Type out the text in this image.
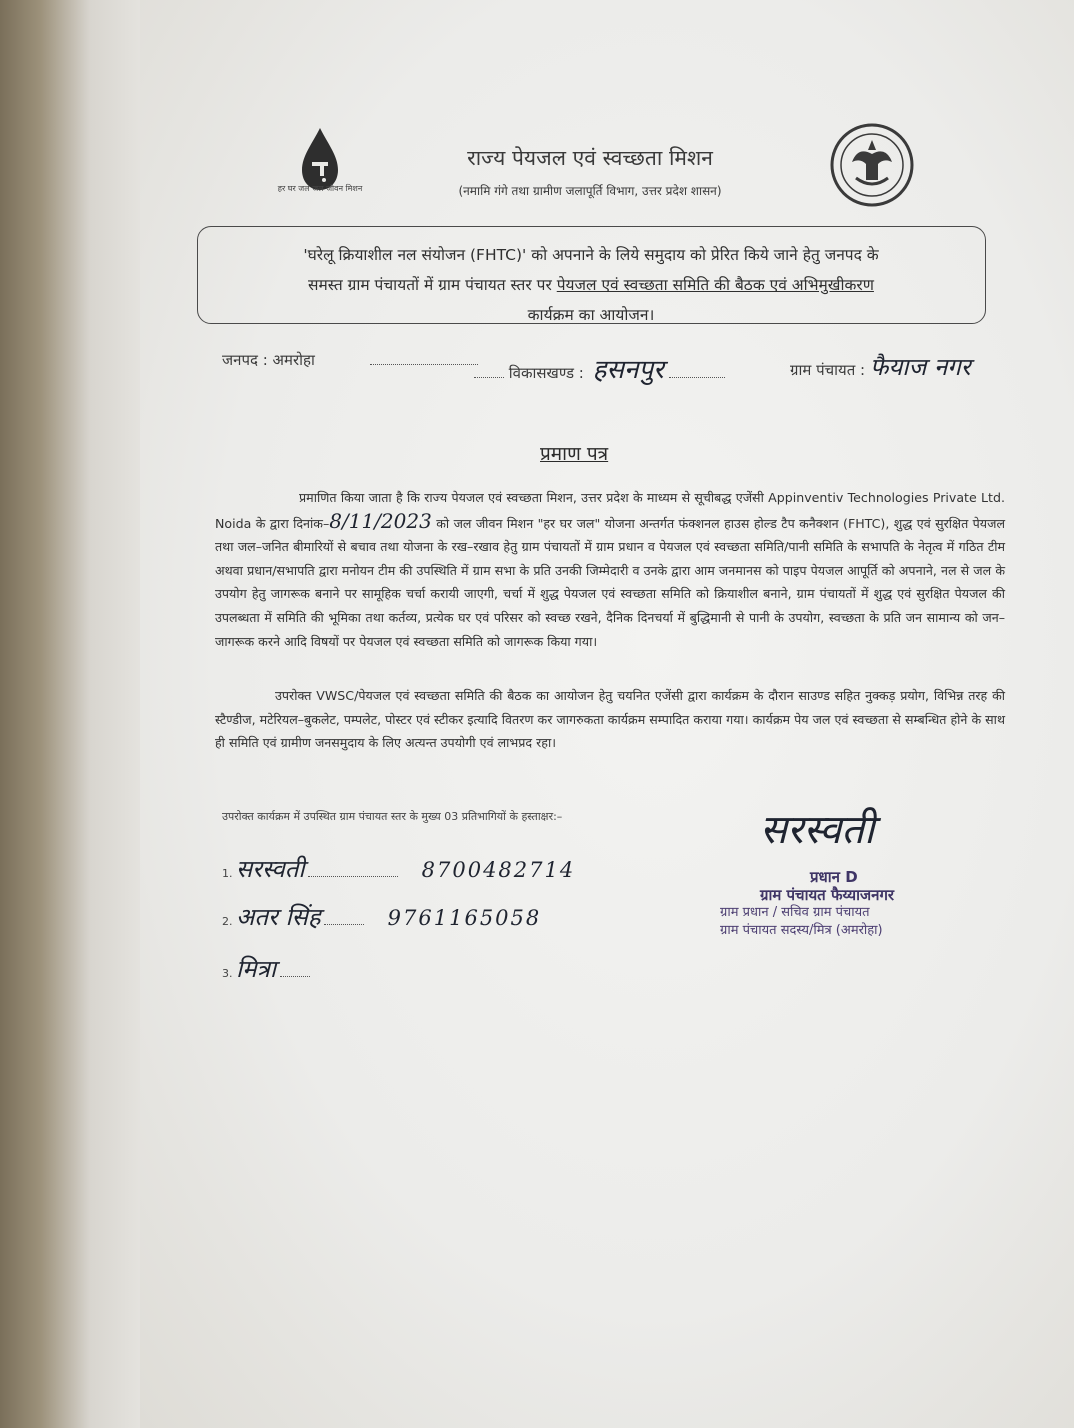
हर घर जल जल जीवन मिशन
राज्य पेयजल एवं स्वच्छता मिशन
(नमामि गंगे तथा ग्रामीण जलापूर्ति विभाग, उत्तर प्रदेश शासन)
'घरेलू क्रियाशील नल संयोजन (FHTC)' को अपनाने के लिये समुदाय को प्रेरित किये जाने हेतु जनपद के
समस्त ग्राम पंचायतों में ग्राम पंचायत स्तर पर पेयजल एवं स्वच्छता समिति की बैठक एवं अभिमुखीकरण
कार्यक्रम का आयोजन।
जनपद : अमरोहा
विकासखण्ड : हसनपुर	ग्राम पंचायत : फैयाज नगर
प्रमाण पत्र
प्रमाणित किया जाता है कि राज्य पेयजल एवं स्वच्छता मिशन, उत्तर प्रदेश के माध्यम से सूचीबद्ध एजेंसी Appinventiv Technologies Private Ltd. Noida के द्वारा दिनांक–8/11/2023 को जल जीवन मिशन "हर घर जल" योजना अन्तर्गत फंक्शनल हाउस होल्ड टैप कनैक्शन (FHTC), शुद्ध एवं सुरक्षित पेयजल तथा जल–जनित बीमारियों से बचाव तथा योजना के रख–रखाव हेतु ग्राम पंचायतों में ग्राम प्रधान व पेयजल एवं स्वच्छता समिति/पानी समिति के सभापति के नेतृत्व में गठित टीम अथवा प्रधान/सभापति द्वारा मनोयन टीम की उपस्थिति में ग्राम सभा के प्रति उनकी जिम्मेदारी व उनके द्वारा आम जनमानस को पाइप पेयजल आपूर्ति को अपनाने, नल से जल के उपयोग हेतु जागरूक बनाने पर सामूहिक चर्चा करायी जाएगी, चर्चा में शुद्ध पेयजल एवं स्वच्छता समिति को क्रियाशील बनाने, ग्राम पंचायतों में शुद्ध एवं सुरक्षित पेयजल की उपलब्धता में समिति की भूमिका तथा कर्तव्य, प्रत्येक घर एवं परिसर को स्वच्छ रखने, दैनिक दिनचर्या में बुद्धिमानी से पानी के उपयोग, स्वच्छता के प्रति जन सामान्य को जन–जागरूक करने आदि विषयों पर पेयजल एवं स्वच्छता समिति को जागरूक किया गया।
उपरोक्त VWSC/पेयजल एवं स्वच्छता समिति की बैठक का आयोजन हेतु चयनित एजेंसी द्वारा कार्यक्रम के दौरान साउण्ड सहित नुक्कड़ प्रयोग, विभिन्न तरह की स्टैण्डीज, मटेरियल–बुकलेट, पम्पलेट, पोस्टर एवं स्टीकर इत्यादि वितरण कर जागरुकता कार्यक्रम सम्पादित कराया गया। कार्यक्रम पेय जल एवं स्वच्छता से सम्बन्धित होने के साथ ही समिति एवं ग्रामीण जनसमुदाय के लिए अत्यन्त उपयोगी एवं लाभप्रद रहा।
उपरोक्त कार्यक्रम में उपस्थित ग्राम पंचायत स्तर के मुख्य 03 प्रतिभागियों के हस्ताक्षर:–
1. सरस्वती	8700482714
2. अतर सिंह	9761165058
3. मित्रा
सरस्वती
प्रधान D
ग्राम पंचायत फैय्याजनगर
ग्राम प्रधान / सचिव ग्राम पंचायत
ग्राम पंचायत सदस्य/मित्र (अमरोहा)
